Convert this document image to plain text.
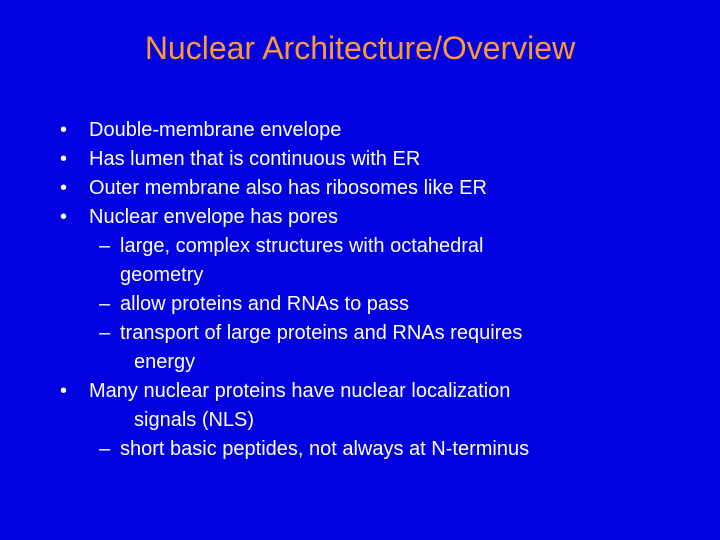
Nuclear Architecture/Overview
• Double-membrane envelope
• Has lumen that is continuous with ER
• Outer membrane also has ribosomes like ER
• Nuclear envelope has pores
– large, complex structures with octahedral
geometry
– allow proteins and RNAs to pass
– transport of large proteins and RNAs requires
energy
• Many nuclear proteins have nuclear localization
signals (NLS)
– short basic peptides, not always at N-terminus
